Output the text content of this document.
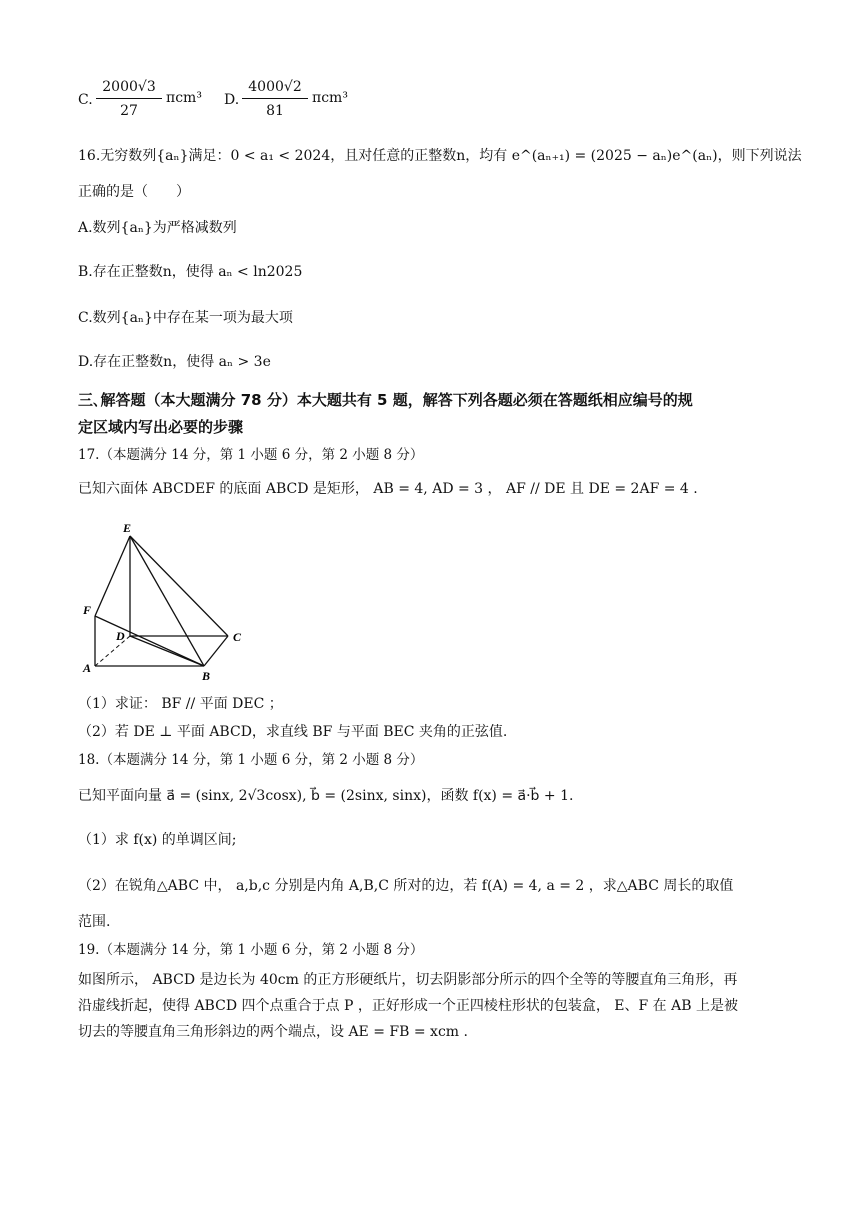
C. $\frac{2000√3}{27} \pi cm^3$ D. $\frac{4000√2}{81} \pi cm^3$
16.无穷数列{aₙ}满足：0 < a₁ < 2024，且对任意的正整数n，均有 e^(aₙ₊₁) = (2025 − aₙ)e^(aₙ)，则下列说法
正确的是（　　）
A.数列{aₙ}为严格减数列
B.存在正整数n，使得 aₙ < ln2025
C.数列{aₙ}中存在某一项为最大项
D.存在正整数n，使得 aₙ > 3e
三､解答题（本大题满分 78 分）本大题共有 5 题，解答下列各题必须在答题纸相应编号的规
定区域内写出必要的步骤
17.（本题满分 14 分，第 1 小题 6 分，第 2 小题 8 分）
已知六面体 ABCDEF 的底面 ABCD 是矩形， AB = 4, AD = 3 ， AF // DE 且 DE = 2AF = 4 .
E
F
D	C
A
B
（1）求证： BF // 平面 DEC ；
（2）若 DE ⊥ 平面 ABCD，求直线 BF 与平面 BEC 夹角的正弦值.
18.（本题满分 14 分，第 1 小题 6 分，第 2 小题 8 分）
已知平面向量 a⃗ = (sinx, 2√3cosx), b⃗ = (2sinx, sinx)，函数 f(x) = a⃗·b⃗ + 1.
（1）求 f(x) 的单调区间;
（2）在锐角△ABC 中， a,b,c 分别是内角 A,B,C 所对的边，若 f(A) = 4, a = 2 ，求△ABC 周长的取值
范围.
19.（本题满分 14 分，第 1 小题 6 分，第 2 小题 8 分）
如图所示， ABCD 是边长为 40cm 的正方形硬纸片，切去阴影部分所示的四个全等的等腰直角三角形，再
沿虚线折起，使得 ABCD 四个点重合于点 P ，正好形成一个正四棱柱形状的包装盒， E、F 在 AB 上是被
切去的等腰直角三角形斜边的两个端点，设 AE = FB = xcm .
